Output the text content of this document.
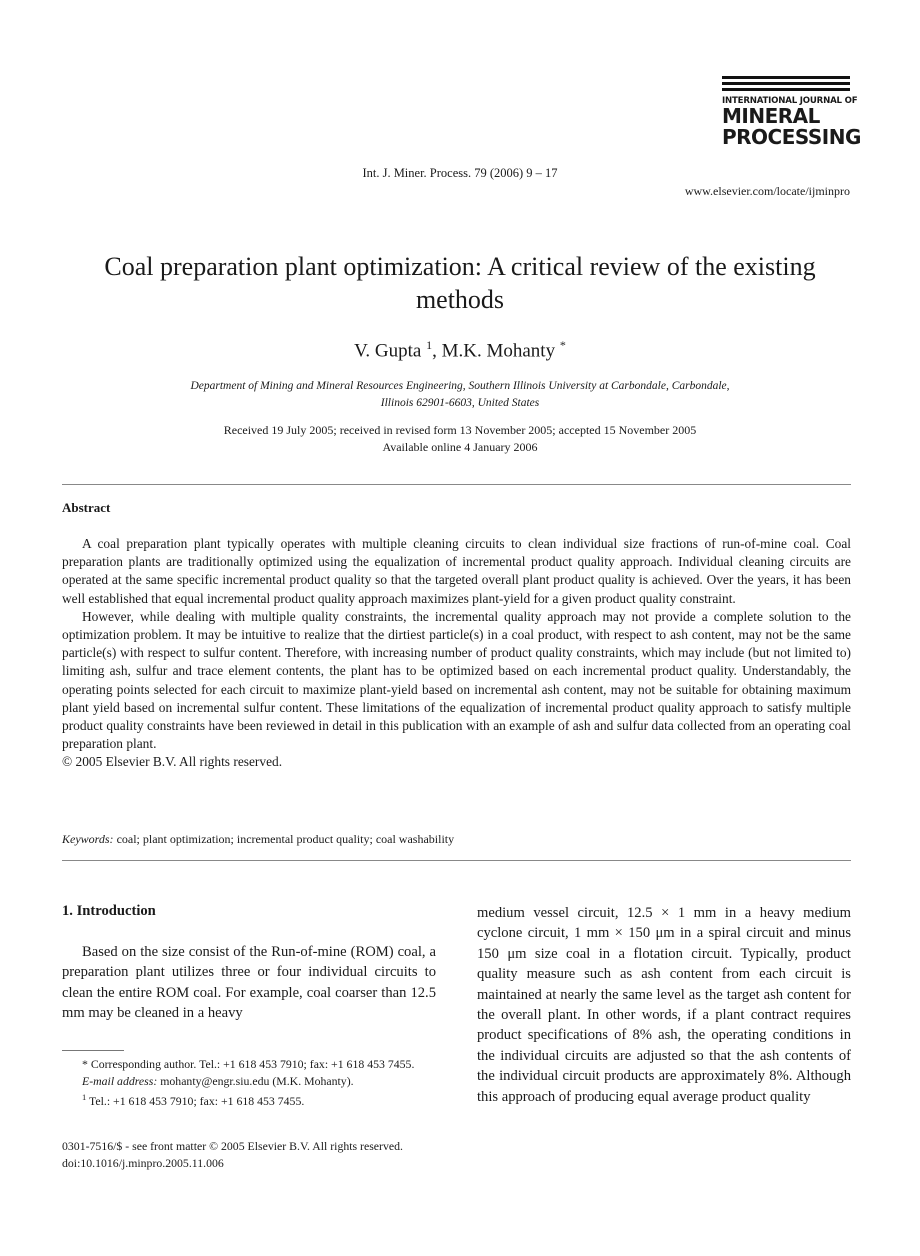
Int. J. Miner. Process. 79 (2006) 9 – 17
INTERNATIONAL JOURNAL OF
MINERAL
PROCESSING
www.elsevier.com/locate/ijminpro
Coal preparation plant optimization: A critical review of the existing methods
V. Gupta $^1$, M.K. Mohanty *
Department of Mining and Mineral Resources Engineering, Southern Illinois University at Carbondale, Carbondale,
Illinois 62901-6603, United States
Received 19 July 2005; received in revised form 13 November 2005; accepted 15 November 2005
Available online 4 January 2006
Abstract

A coal preparation plant typically operates with multiple cleaning circuits to clean individual size fractions of run-of-mine coal. Coal preparation plants are traditionally optimized using the equalization of incremental product quality approach. Individual cleaning circuits are operated at the same specific incremental product quality so that the targeted overall plant product quality is achieved. Over the years, it has been well established that equal incremental product quality approach maximizes plant-yield for a given product quality constraint.

However, while dealing with multiple quality constraints, the incremental quality approach may not provide a complete solution to the optimization problem. It may be intuitive to realize that the dirtiest particle(s) in a coal product, with respect to ash content, may not be the same particle(s) with respect to sulfur content. Therefore, with increasing number of product quality constraints, which may include (but not limited to) limiting ash, sulfur and trace element contents, the plant has to be optimized based on each incremental product quality. Understandably, the operating points selected for each circuit to maximize plant-yield based on incremental ash content, may not be suitable for obtaining maximum plant yield based on incremental sulfur content. These limitations of the equalization of incremental product quality approach to satisfy multiple product quality constraints have been reviewed in detail in this publication with an example of ash and sulfur data collected from an operating coal preparation plant.

© 2005 Elsevier B.V. All rights reserved.

Keywords: coal; plant optimization; incremental product quality; coal washability
1. Introduction
Based on the size consist of the Run-of-mine (ROM) coal, a preparation plant utilizes three or four individual circuits to clean the entire ROM coal. For example, coal coarser than 12.5 mm may be cleaned in a heavy
medium vessel circuit, 12.5 × 1 mm in a heavy medium cyclone circuit, 1 mm × 150 μm in a spiral circuit and minus 150 μm size coal in a flotation circuit. Typically, product quality measure such as ash content from each circuit is maintained at nearly the same level as the target ash content for the overall plant. In other words, if a plant contract requires product specifications of 8% ash, the operating conditions in the individual circuits are adjusted so that the ash contents of the individual circuit products are approximately 8%. Although this approach of producing equal average product quality
* Corresponding author. Tel.: +1 618 453 7910; fax: +1 618 453 7455.
E-mail address: mohanty@engr.siu.edu (M.K. Mohanty).
$^1$ Tel.: +1 618 453 7910; fax: +1 618 453 7455.
0301-7516/$ - see front matter © 2005 Elsevier B.V. All rights reserved.
doi:10.1016/j.minpro.2005.11.006
